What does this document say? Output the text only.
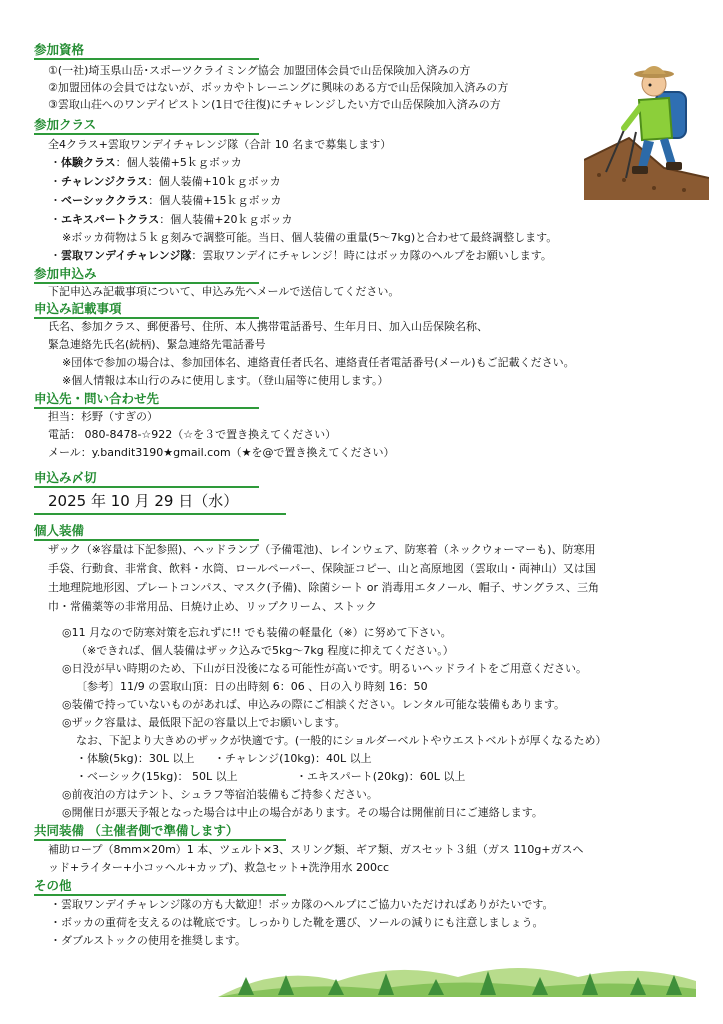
参加資格
①(一社)埼玉県山岳･スポーツクライミング協会 加盟団体会員で山岳保険加入済みの方
②加盟団体の会員ではないが、ボッカやトレーニングに興味のある方で山岳保険加入済みの方
③雲取山荘へのワンデイピストン(1日で往復)にチャレンジしたい方で山岳保険加入済みの方
参加クラス
全4クラス+雲取ワンデイチャレンジ隊（合計 10 名まで募集します）
・体験クラス：個人装備+5ｋｇボッカ
・チャレンジクラス：個人装備+10ｋｇボッカ
・ベーシッククラス：個人装備+15ｋｇボッカ
・エキスパートクラス：個人装備+20ｋｇボッカ
※ボッカ荷物は５ｋｇ刻みで調整可能。当日、個人装備の重量(5〜7kg)と合わせて最終調整します。
・雲取ワンデイチャレンジ隊：雲取ワンデイにチャレンジ！時にはボッカ隊のヘルプをお願いします。
参加申込み
下記申込み記載事項について、申込み先へメールで送信してください。
申込み記載事項
氏名、参加クラス、郵便番号、住所、本人携帯電話番号、生年月日、加入山岳保険名称、
緊急連絡先氏名(続柄)、緊急連絡先電話番号
※団体で参加の場合は、参加団体名、連絡責任者氏名、連絡責任者電話番号(メール)もご記載ください。
※個人情報は本山行のみに使用します。（登山届等に使用します。）
申込先・問い合わせ先
担当：杉野（すぎの）
電話： 080-8478-☆922（☆を３で置き換えてください）
メール：y.bandit3190★gmail.com（★を@で置き換えてください）
申込み〆切
2025 年 10 月 29 日（水）
個人装備
ザック（※容量は下記参照)、ヘッドランプ（予備電池)、レインウェア、防寒着（ネックウォーマーも)、防寒用
手袋、行動食、非常食、飲料・水筒、ロールペーパー、保険証コピー、山と高原地図（雲取山・両神山）又は国
土地理院地形図、プレートコンパス、マスク(予備)、除菌シート or 消毒用エタノール、帽子、サングラス、三角
巾・常備薬等の非常用品、日焼け止め、リップクリーム、ストック
◎11 月なので防寒対策を忘れずに!! でも装備の軽量化（※）に努めて下さい。
（※できれば、個人装備はザック込みで5kg〜7kg 程度に抑えてください。）
◎日没が早い時期のため、下山が日没後になる可能性が高いです。明るいヘッドライトをご用意ください。
〔参考〕11/9 の雲取山頂：日の出時刻 6：06 、日の入り時刻 16：50
◎装備で持っていないものがあれば、申込みの際にご相談ください。レンタル可能な装備もあります。
◎ザック容量は、最低限下記の容量以上でお願いします。
なお、下記より大きめのザックが快適です。(一般的にショルダーベルトやウエストベルトが厚くなるため）
・体験(5kg)：30L 以上 ・チャレンジ(10kg)：40L 以上
・ベーシック(15kg)： 50L 以上	・エキスパート(20kg)：60L 以上
◎前夜泊の方はテント、シュラフ等宿泊装備もご持参ください。
◎開催日が悪天予報となった場合は中止の場合があります。その場合は開催前日にご連絡します。
共同装備 （主催者側で準備します）
補助ロープ（8mm×20m）1 本、ツェルト×3、スリング類、ギア類、ガスセット３組（ガス 110g+ガスヘ
ッド+ライター+小コッヘル+カップ)、救急セット+洗浄用水 200cc
その他
・雲取ワンデイチャレンジ隊の方も大歓迎！ボッカ隊のヘルプにご協力いただければありがたいです。
・ボッカの重荷を支えるのは靴底です。しっかりした靴を選び、ソールの減りにも注意しましょう。
・ダブルストックの使用を推奨します。
